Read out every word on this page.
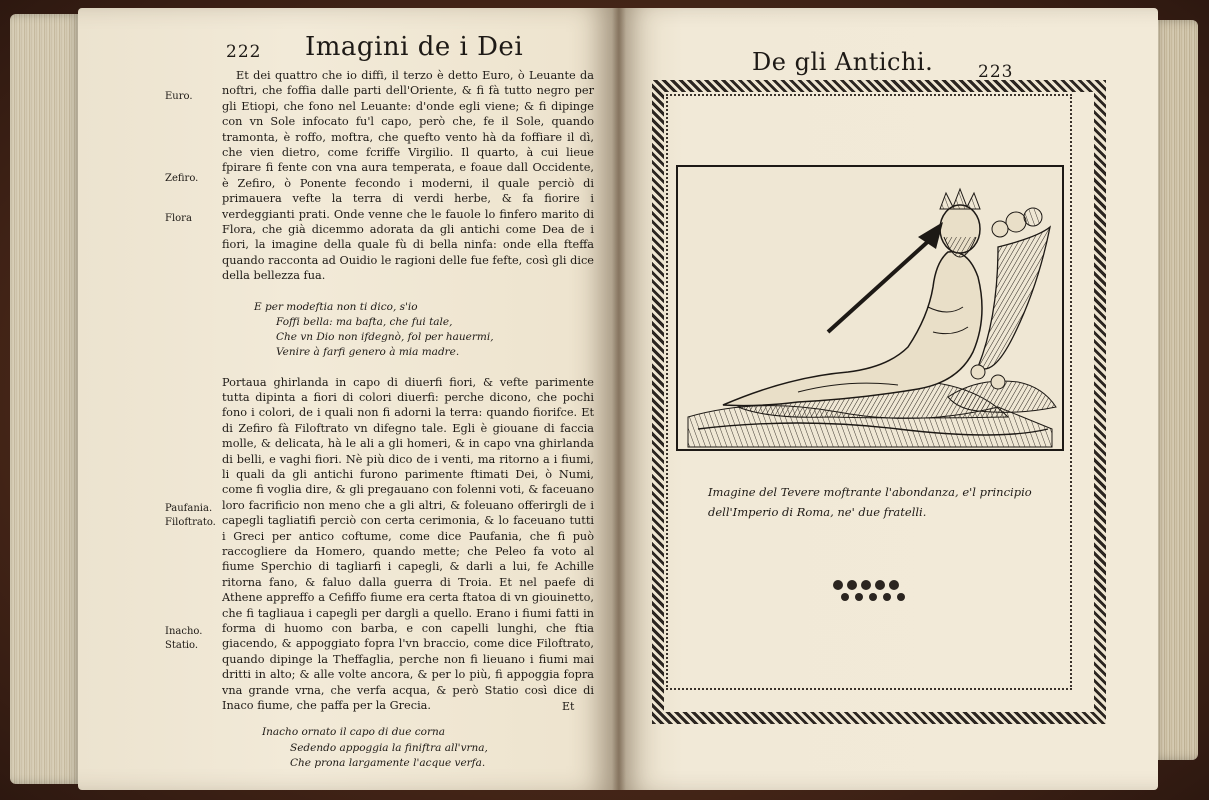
222 Imagini de i Dei
Euro.
Zefiro.
Flora
Paufania.
Filoftrato.
Inacho.
Statio.

Et dei quattro che io diffi, il terzo è detto Euro, ò Leuante da noftri, che foffia dalle parti dell'Oriente, & fi fà tutto negro per gli Etiopi, che fono nel Leuante: d'onde egli viene; & fi dipinge con vn Sole infocato fu'l capo, però che, fe il Sole, quando tramonta, è roffo, moftra, che quefto vento hà da foffiare il dì, che vien dietro, come fcriffe Virgilio. Il quarto, à cui lieue fpirare fi fente con vna aura temperata, e foaue dall Occidente, è Zefiro, ò Ponente fecondo i moderni, il quale perciò di primauera vefte la terra di verdi herbe, & fa fiorire i verdeggianti prati. Onde venne che le fauole lo finfero marito di Flora, che già dicemmo adorata da gli antichi come Dea de i fiori, la imagine della quale fù di bella ninfa: onde ella fteffa quando racconta ad Ouidio le ragioni delle fue fefte, così gli dice della bellezza fua.

E per modeftia non ti dico, s'io

Foffi bella: ma bafta, che fui tale,

Che vn Dio non ifdegnò, fol per hauermi,

Venire à farfi genero à mia madre.

Portaua ghirlanda in capo di diuerfi fiori, & vefte parimente tutta dipinta a fiori di colori diuerfi: perche dicono, che pochi fono i colori, de i quali non fi adorni la terra: quando fiorifce. Et di Zefiro fà Filoftrato vn difegno tale. Egli è giouane di faccia molle, & delicata, hà le ali a gli homeri, & in capo vna ghirlanda di belli, e vaghi fiori. Nè più dico de i venti, ma ritorno a i fiumi, li quali da gli antichi furono parimente ftimati Dei, ò Numi, come fi voglia dire, & gli pregauano con folenni voti, & faceuano loro facrificio non meno che a gli altri, & foleuano offerirgli de i capegli tagliatifi perciò con certa cerimonia, & lo faceuano tutti i Greci per antico coftume, come dice Paufania, che fi può raccogliere da Homero, quando mette; che Peleo fa voto al fiume Sperchio di tagliarfi i capegli, & darli a lui, fe Achille ritorna fano, & faluo dalla guerra di Troia. Et nel paefe di Athene appreffo a Cefiffo fiume era certa ftatoa di vn giouinetto, che fi tagliaua i capegli per dargli a quello. Erano i fiumi fatti in forma di huomo con barba, e con capelli lunghi, che ftia giacendo, & appoggiato fopra l'vn braccio, come dice Filoftrato, quando dipinge la Theffaglia, perche non fi lieuano i fiumi mai dritti in alto; & alle volte ancora, & per lo più, fi appoggia fopra vna grande vrna, che verfa acqua, & però Statio così dice di Inaco fiume, che paffa per la Grecia.

Inacho ornato il capo di due corna

Sedendo appoggia la finiftra all'vrna,

Che prona largamente l'acque verfa.

Et
De gli Antichi.	223
Imagine del Tevere moftrante l'abondanza, e'l principio dell'Imperio di Roma, ne' due fratelli.
